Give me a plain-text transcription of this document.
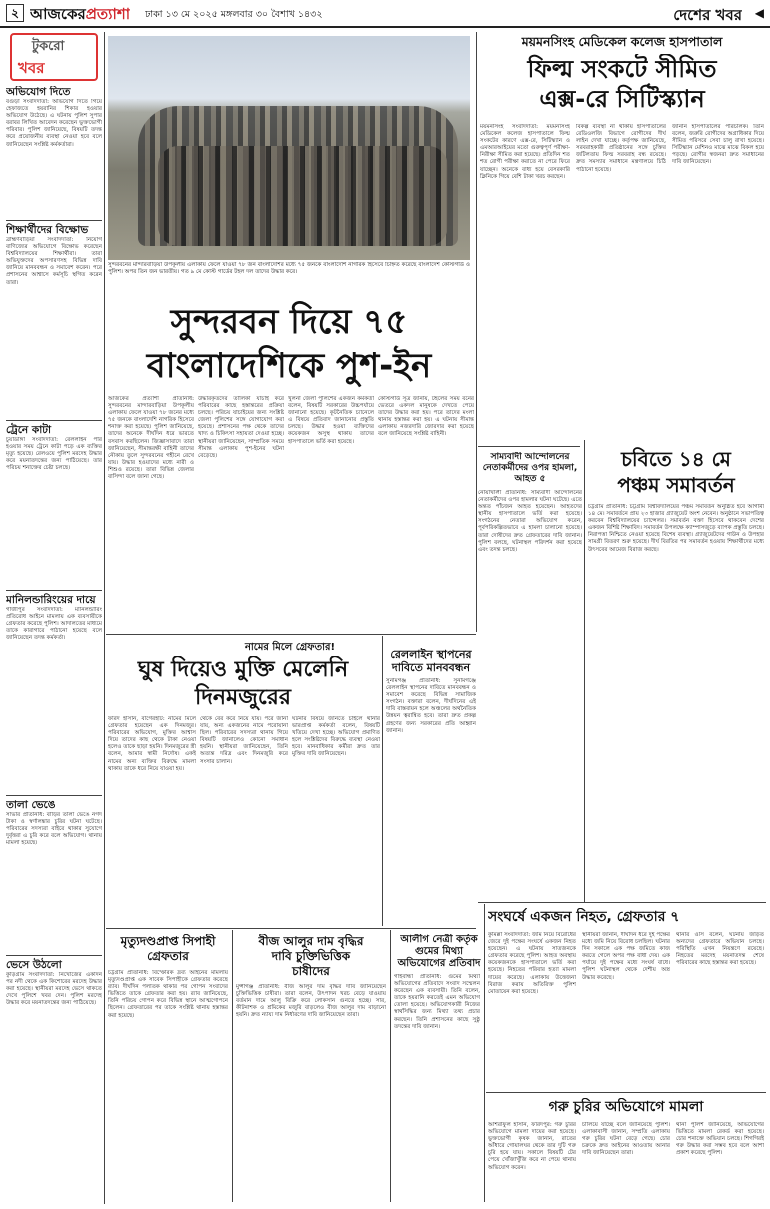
২ আজকেরপ্রত্যাশা ঢাকা ১৩ মে ২০২৫ মঙ্গলবার ৩০ বৈশাখ ১৪৩২	দেশের খবর ◀
টুকরো
খবর
অভিযোগ দিতে
বগুড়া সংবাদদাতা: অভিযোগ দিতে গিয়ে হেফাজতে হয়রানির শিকার হওয়ার অভিযোগ উঠেছে। এ ঘটনায় পুলিশ সুপার বরাবর লিখিত আবেদন করেছেন ভুক্তভোগী পরিবার। পুলিশ জানিয়েছে, বিষয়টি তদন্ত করে প্রয়োজনীয় ব্যবস্থা নেওয়া হবে বলে জানিয়েছেন সংশ্লিষ্ট কর্মকর্তারা।
শিক্ষার্থীদের বিক্ষোভ
ব্রাহ্মণবাড়িয়া সংবাদদাতা: নিয়োগ বাণিজ্যের অভিযোগে বিক্ষোভ করেছেন বিশ্ববিদ্যালয়ের শিক্ষার্থীরা। তারা অভিযুক্তদের অপসারণসহ বিভিন্ন দাবি জানিয়ে মানববন্ধন ও সমাবেশ করেন। পরে প্রশাসনের আশ্বাসে কর্মসূচি স্থগিত করেন তারা।
ট্রেনে কাটা
চুয়াডাঙ্গা সংবাদদাতা: রেললাইন পার হওয়ার সময় ট্রেনে কাটা পড়ে এক ব্যক্তির মৃত্যু হয়েছে। রেলওয়ে পুলিশ মরদেহ উদ্ধার করে ময়নাতদন্তের জন্য পাঠিয়েছে। তার পরিচয় শনাক্তের চেষ্টা চলছে।
মানিলন্ডারিংয়ের দায়ে
গাজীপুর সংবাদদাতা: মানিলন্ডারিং প্রতিরোধ আইনে মামলায় এক ব্যবসায়ীকে গ্রেফতার করেছে পুলিশ। আদালতের মাধ্যমে তাকে কারাগারে পাঠানো হয়েছে বলে জানিয়েছেন তদন্ত কর্মকর্তা।
তালা ভেঙে
সাভার প্রতিনিধি: বাড়ির তালা ভেঙে নগদ টাকা ও স্বর্ণালঙ্কার চুরির ঘটনা ঘটেছে। পরিবারের সদস্যরা বাইরে থাকার সুযোগে দুর্বৃত্তরা এ চুরি করে বলে অভিযোগ। থানায় মামলা হয়েছে।
ভেসে উঠলো
কুড়িগ্রাম সংবাদদাতা: নিখোঁজের একদিন পর নদী থেকে এক কিশোরের মরদেহ উদ্ধার করা হয়েছে। স্থানীয়রা মরদেহ ভেসে থাকতে দেখে পুলিশে খবর দেন। পুলিশ মরদেহ উদ্ধার করে ময়নাতদন্তের জন্য পাঠিয়েছে।
সুন্দরবনের মান্দারবাড়িয়া উপকূলীয় এলাকায় ফেলে যাওয়া ৭৮ জন বাংলাদেশির মধ্যে ৭৫ জনকে বাংলাদেশি নাগরিক হিসেবে চিহ্নিত করেছে বাংলাদেশ কোস্টগার্ড ও পুলিশ। অপর তিন জন ভারতীয়। গত ৯ মে কোস্ট গার্ডের টহল দল তাদের উদ্ধার করে।
সুন্দরবন দিয়ে ৭৫
বাংলাদেশিকে পুশ-ইন
আজকের প্রত্যাশা প্রতিনিধি: সুন্দরবনের মান্দারবাড়িয়া উপকূলীয় এলাকায় ফেলে যাওয়া ৭৮ জনের মধ্যে ৭৫ জনকে বাংলাদেশি নাগরিক হিসেবে শনাক্ত করা হয়েছে। পুলিশ জানিয়েছে, তাদের অনেকে দীর্ঘদিন ধরে ভারতে বসবাস করছিলেন। জিজ্ঞাসাবাদে তারা জানিয়েছেন, সীমান্তরক্ষী বাহিনী তাদের নৌকায় তুলে সুন্দরবনের গহীনে রেখে যায়। উদ্ধার হওয়াদের মধ্যে নারী ও শিশুও রয়েছে। তারা বিভিন্ন জেলার বাসিন্দা বলে জানা গেছে।
উদ্ধারকৃতদের তালিকা যাচাই করে পরিবারের কাছে হস্তান্তরের প্রক্রিয়া চলছে। পরিচয় যাচাইয়ের জন্য সংশ্লিষ্ট জেলা পুলিশের সঙ্গে যোগাযোগ করা হয়েছে। প্রশাসনের পক্ষ থেকে তাদের খাদ্য ও চিকিৎসা সহায়তা দেওয়া হচ্ছে। স্থানীয়রা জানিয়েছেন, সাম্প্রতিক সময়ে সীমান্ত এলাকায় পুশ-ইনের ঘটনা বেড়েছে।
খুলনা জেলা পুলিশের একজন কর্মকর্তা বলেন, বিষয়টি সরকারের উচ্চপর্যায়ে জানানো হয়েছে। কূটনৈতিক চ্যানেলে এ বিষয়ে প্রতিবাদ জানানোর প্রস্তুতি চলছে। উদ্ধার হওয়া ব্যক্তিদের কয়েকজন অসুস্থ থাকায় তাদের হাসপাতালে ভর্তি করা হয়েছে।
কোস্টগার্ড সূত্র জানায়, টহলের সময় বনের ভেতরে একদল মানুষকে দেখতে পেয়ে তাদের উদ্ধার করা হয়। পরে তাদের মংলা থানায় হস্তান্তর করা হয়। এ ঘটনায় সীমান্ত এলাকায় নজরদারি জোরদার করা হয়েছে বলে জানিয়েছে সংশ্লিষ্ট বাহিনী।
ময়মনসিংহ মেডিকেল কলেজ হাসপাতাল
ফিল্ম সংকটে সীমিত
এক্স-রে সিটিস্ক্যান
ময়মনসিংহ সংবাদদাতা: ময়মনসিংহ মেডিকেল কলেজ হাসপাতালে ফিল্ম সংকটের কারণে এক্স-রে, সিটিস্ক্যান ও এমআরআইয়ের মতো গুরুত্বপূর্ণ পরীক্ষা-নিরীক্ষা সীমিত করা হয়েছে। প্রতিদিন শত শত রোগী পরীক্ষা করাতে না পেরে ফিরে যাচ্ছেন। অনেকে বাধ্য হয়ে বেসরকারি ক্লিনিকে গিয়ে বেশি টাকা খরচ করছেন।
বিকল্প ব্যবস্থা না থাকায় হাসপাতালের রেডিওলজি বিভাগে রোগীদের দীর্ঘ লাইন দেখা যাচ্ছে। কর্তৃপক্ষ জানিয়েছে, সরবরাহকারী প্রতিষ্ঠানের সঙ্গে চুক্তির জটিলতায় ফিল্ম সরবরাহ বন্ধ রয়েছে। দ্রুত সমস্যার সমাধানে মন্ত্রণালয়ে চিঠি পাঠানো হয়েছে।
জানান হাসপাতালের পরিচালক। তিনি বলেন, জরুরি রোগীদের অগ্রাধিকার দিয়ে সীমিত পরিসরে সেবা চালু রাখা হয়েছে। সিটিস্ক্যান মেশিনও মাঝে মাঝে বিকল হয়ে পড়ছে। রোগীর স্বজনরা দ্রুত সমাধানের দাবি জানিয়েছেন।
সাম্যবাদী আন্দোলনের
নেতাকর্মীদের ওপর হামলা,
আহত ৫
নোয়াখালী প্রতিনিধি: সাম্যবাদী আন্দোলনের নেতাকর্মীদের ওপর হামলার ঘটনা ঘটেছে। এতে অন্তত পাঁচজন আহত হয়েছেন। আহতদের স্থানীয় হাসপাতালে ভর্তি করা হয়েছে। সংগঠনের নেতারা অভিযোগ করেন, পূর্বপরিকল্পিতভাবে এ হামলা চালানো হয়েছে। তারা দোষীদের দ্রুত গ্রেফতারের দাবি জানান। পুলিশ বলছে, ঘটনাস্থল পরিদর্শন করা হয়েছে এবং তদন্ত চলছে।
চবিতে ১৪ মে
পঞ্চম সমাবর্তন
চট্টগ্রাম প্রতিনিধি: চট্টগ্রাম বিশ্ববিদ্যালয়ের পঞ্চম সমাবর্তন অনুষ্ঠিত হবে আগামী ১৪ মে। সমাবর্তনে প্রায় ২৩ হাজার গ্র্যাজুয়েট অংশ নেবেন। অনুষ্ঠানে সভাপতিত্ব করবেন বিশ্ববিদ্যালয়ের চ্যান্সেলর। সমাবর্তন বক্তা হিসেবে থাকবেন দেশের একজন বিশিষ্ট শিক্ষাবিদ। সমাবর্তন উপলক্ষে ক্যাম্পাসজুড়ে ব্যাপক প্রস্তুতি চলছে। নিরাপত্তা নিশ্চিতে নেওয়া হয়েছে বিশেষ ব্যবস্থা। গ্র্যাজুয়েটদের গাউন ও উপহার সামগ্রী বিতরণ শুরু হয়েছে। দীর্ঘ বিরতির পর সমাবর্তন হওয়ায় শিক্ষার্থীদের মধ্যে উৎসবের আমেজ বিরাজ করছে।
নামের মিলে গ্রেফতার!
ঘুষ দিয়েও মুক্তি মেলেনি
দিনমজুরের
ফরিদ হাসান, বাগেরহাট: নামের মিলে গ্রেফতার হয়েছেন এক দিনমজুর। পরিবারের অভিযোগ, মুক্তির আশ্বাস দিয়ে তাদের কাছ থেকে টাকা নেওয়া হলেও তাকে ছাড়া হয়নি। দিনমজুরের স্ত্রী বলেন, আমার স্বামী নির্দোষ। একই নামের অন্য ব্যক্তির বিরুদ্ধে মামলা থাকায় তাকে ধরে নিয়ে যাওয়া হয়।
থেকে বের করে নিয়ে যায়। পরে জানা যায়, অন্য একজনের নামে পরোয়ানা ছিল। পরিবারের সদস্যরা থানায় গিয়ে বিষয়টি জানালেও কোনো সমাধান হয়নি। স্থানীয়রা জানিয়েছেন, তিনি অত্যন্ত দরিদ্র এবং দিনমজুরি করে সংসার চালান।
ঘটনার বিষয়ে জানতে চাইলে থানার ভারপ্রাপ্ত কর্মকর্তা বলেন, বিষয়টি খতিয়ে দেখা হচ্ছে। অভিযোগ প্রমাণিত হলে সংশ্লিষ্টদের বিরুদ্ধে ব্যবস্থা নেওয়া হবে। মানবাধিকার কর্মীরা দ্রুত তার মুক্তির দাবি জানিয়েছেন।
রেললাইন স্থাপনের
দাবিতে মানববন্ধন
সুনামগঞ্জ প্রতিনিধি: সুনামগঞ্জে রেললাইন স্থাপনের দাবিতে মানববন্ধন ও সমাবেশ করেছে বিভিন্ন সামাজিক সংগঠন। বক্তারা বলেন, দীর্ঘদিনের এই দাবি বাস্তবায়ন হলে অঞ্চলের অর্থনৈতিক উন্নয়ন ত্বরান্বিত হবে। তারা দ্রুত প্রকল্প গ্রহণের জন্য সরকারের প্রতি আহ্বান জানান।
মৃত্যুদণ্ডপ্রাপ্ত সিপাহী
গ্রেফতার
চট্টগ্রাম প্রতিনিধি: বিস্ফোরক দ্রব্য আইনের মামলায় মৃত্যুদণ্ডপ্রাপ্ত এক সাবেক সিপাহীকে গ্রেফতার করেছে র‌্যাব। দীর্ঘদিন পলাতক থাকার পর গোপন সংবাদের ভিত্তিতে তাকে গ্রেফতার করা হয়। র‌্যাব জানিয়েছে, তিনি পরিচয় গোপন করে বিভিন্ন স্থানে আত্মগোপনে ছিলেন। গ্রেফতারের পর তাকে সংশ্লিষ্ট থানায় হস্তান্তর করা হয়েছে।
বীজ আলুর দাম বৃদ্ধির
দাবি চুক্তিভিত্তিক
চাষীদের
মুন্সীগঞ্জ প্রতিনিধি: বীজ আলুর দাম বৃদ্ধির দাবি জানিয়েছেন চুক্তিভিত্তিক চাষীরা। তারা বলেন, উৎপাদন খরচ বেড়ে যাওয়ায় বর্তমান দামে আলু বিক্রি করে লোকসান গুনতে হচ্ছে। সার, কীটনাশক ও শ্রমিকের মজুরি বাড়লেও বীজ আলুর দাম বাড়ানো হয়নি। দ্রুত ন্যায্য দাম নির্ধারণের দাবি জানিয়েছেন তারা।
আলীগ নেত্রী কর্তৃক
গুমের মিথ্যা
অভিযোগের প্রতিবাদ
গাইবান্ধা প্রতিনিধি: গুমের মিথ্যা অভিযোগের প্রতিবাদে সংবাদ সম্মেলন করেছেন এক ব্যবসায়ী। তিনি বলেন, তাকে হয়রানি করতেই এমন অভিযোগ তোলা হয়েছে। অভিযোগকারী নিজের স্বার্থসিদ্ধির জন্য মিথ্যা তথ্য প্রচার করছেন। তিনি প্রশাসনের কাছে সুষ্ঠু তদন্তের দাবি জানান।
সংঘর্ষে একজন নিহত, গ্রেফতার ৭
কুমিল্লা সংবাদদাতা: জমি নিয়ে বিরোধের জেরে দুই পক্ষের সংঘর্ষে একজন নিহত হয়েছেন। এ ঘটনায় সাতজনকে গ্রেফতার করেছে পুলিশ। আহত অবস্থায় কয়েকজনকে হাসপাতালে ভর্তি করা হয়েছে। নিহতের পরিবার হত্যা মামলা দায়ের করেছে। এলাকায় উত্তেজনা বিরাজ করায় অতিরিক্ত পুলিশ মোতায়েন করা হয়েছে।
স্থানীয়রা জানান, দীর্ঘদিন ধরে দুই পক্ষের মধ্যে জমি নিয়ে বিরোধ চলছিল। ঘটনার দিন সকালে এক পক্ষ জমিতে কাজ করতে গেলে অপর পক্ষ বাধা দেয়। এক পর্যায়ে দুই পক্ষের মধ্যে সংঘর্ষ বাধে। পুলিশ ঘটনাস্থল থেকে দেশীয় অস্ত্র উদ্ধার করেছে।
থানার ওসি বলেন, ঘটনায় জড়িত অন্যদের গ্রেফতারে অভিযান চলছে। পরিস্থিতি এখন নিয়ন্ত্রণে রয়েছে। নিহতের মরদেহ ময়নাতদন্ত শেষে পরিবারের কাছে হস্তান্তর করা হয়েছে।
গরু চুরির অভিযোগে মামলা
আশরাফুল হাসান, ফরিদপুর: গরু চুরির অভিযোগে মামলা দায়ের করা হয়েছে। ভুক্তভোগী কৃষক জানান, রাতের আঁধারে গোয়ালঘর থেকে তার দুটি গরু চুরি হয়ে যায়। সকালে বিষয়টি টের পেয়ে খোঁজাখুঁজি করে না পেয়ে থানায় অভিযোগ করেন।
চালিয়ে যাচ্ছে বলে জানিয়েছে পুলিশ। এলাকাবাসী জানান, সম্প্রতি এলাকায় গরু চুরির ঘটনা বেড়ে গেছে। চোর চক্রকে দ্রুত আইনের আওতায় আনার দাবি জানিয়েছেন তারা।
থানা পুলিশ জানিয়েছে, অভিযোগের ভিত্তিতে মামলা রেকর্ড করা হয়েছে। চোর শনাক্তে অভিযান চলছে। শিগগিরই গরু উদ্ধার করা সম্ভব হবে বলে আশা প্রকাশ করেছে পুলিশ।
